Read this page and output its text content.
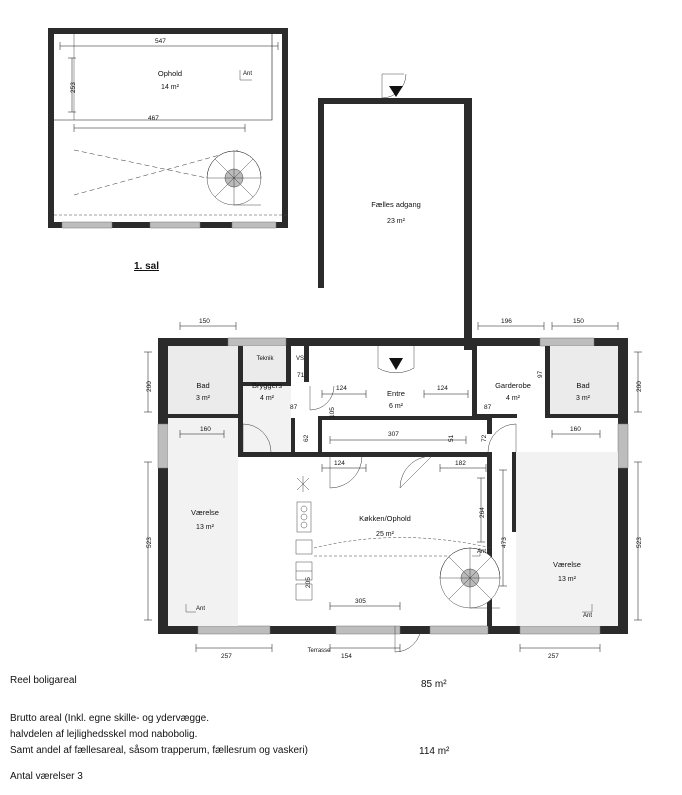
Ophold
14 m²
Ant
547
253
467
1. sal
Fælles adgang
23 m²
Bad
3 m²
Bryggers
4 m²
Teknik	VS
Entre
6 m²
Garderobe
4 m²
Bad
3 m²
Værelse
13 m²
Køkken/Ophold
25 m²
Værelse
13 m²
Terrasse
Ant
Ant
Ant
150	196	150
200
523
200
523
257	154	257
124	124
87	87
71
105
62
307
51	72
97
160	160
124	182
264
473
305
205
Reel boligareal	85 m²
Brutto areal (Inkl. egne skille- og ydervægge.
halvdelen af lejlighedsskel mod nabobolig.
Samt andel af fællesareal, såsom trapperum, fællesrum og vaskeri)	114 m²
Antal værelser 3
